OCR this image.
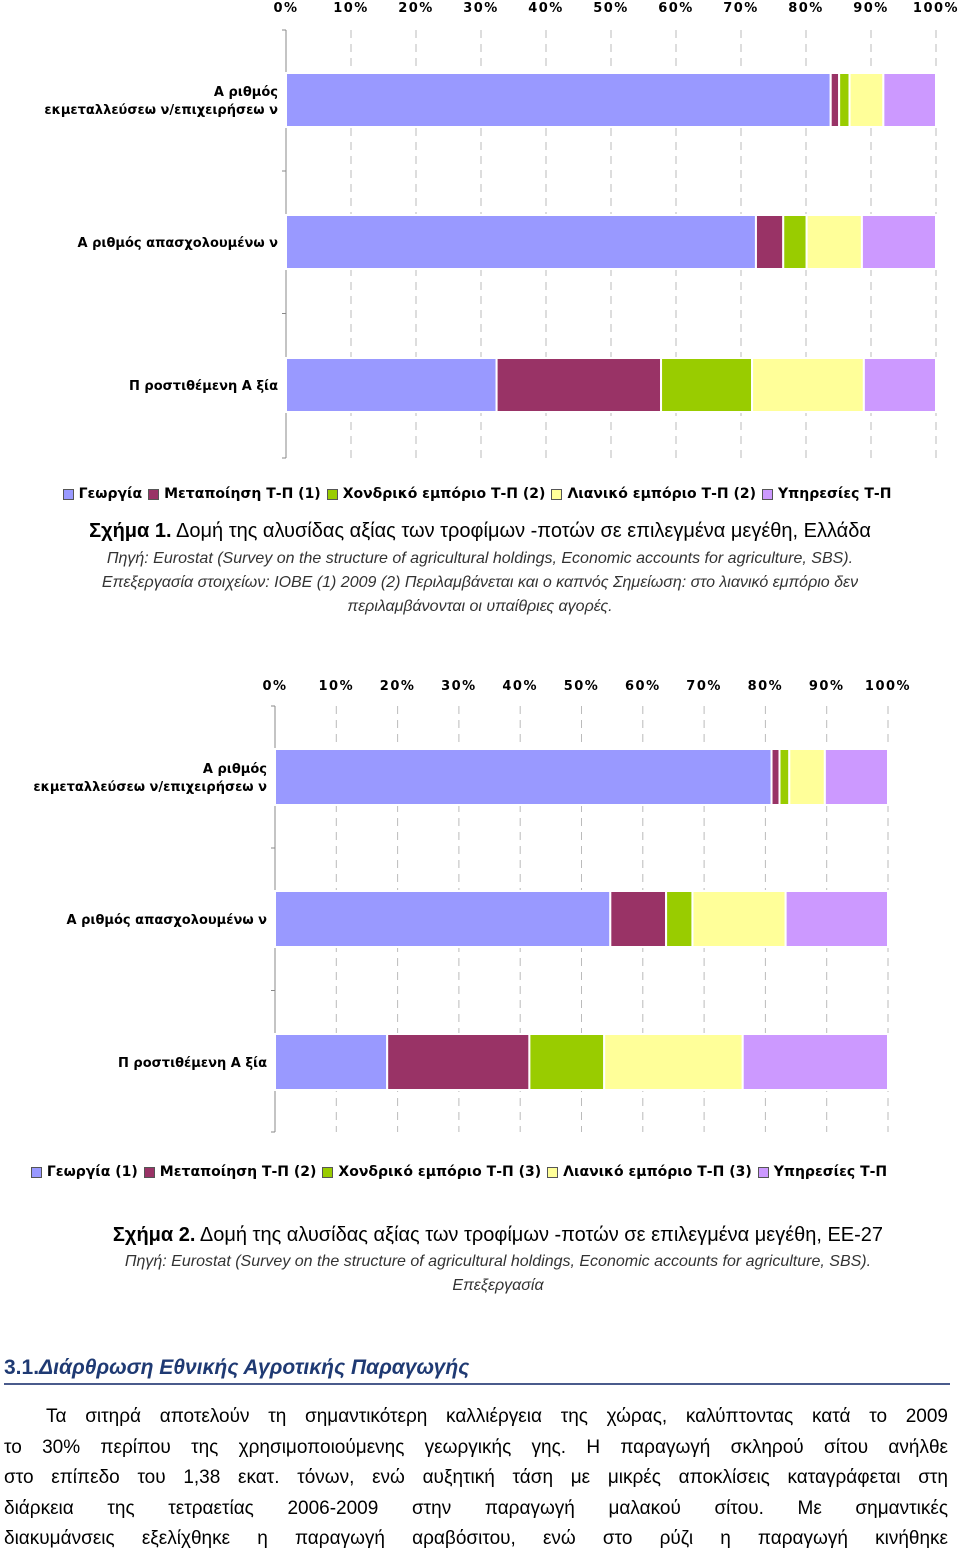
0%	10% 20% 30% 40% 50% 60% 70% 80% 90% 100%
Α ριθμός
εκμεταλλεύσεω ν/επιχειρήσεω ν
Α ριθμός απασχολουμένω ν
Π ροστιθέμενη Α ξία
Γεωργία Μεταποίηση Τ-Π (1) Χονδρικό εμπόριο Τ-Π (2) Λιανικό εμπόριο Τ-Π (2) Υπηρεσίες Τ-Π
Σχήμα 1. Δομή της αλυσίδας αξίας των τροφίμων -ποτών σε επιλεγμένα μεγέθη, Ελλάδα
Πηγή: Eurostat (Survey on the structure of agricultural holdings, Economic accounts for agriculture, SBS).
Επεξεργασία στοιχείων: ΙΟΒΕ (1) 2009 (2) Περιλαμβάνεται και ο καπνός Σημείωση: στο λιανικό εμπόριο δεν
περιλαμβάνονται οι υπαίθριες αγορές.
0% 10% 20% 30% 40% 50% 60% 70% 80% 90% 100%
Α ριθμός
εκμεταλλεύσεω ν/επιχειρήσεω ν
Α ριθμός απασχολουμένω ν
Π ροστιθέμενη Α ξία
Γεωργία (1) Μεταποίηση Τ-Π (2) Χονδρικό εμπόριο Τ-Π (3) Λιανικό εμπόριο Τ-Π (3) Υπηρεσίες Τ-Π
Σχήμα 2. Δομή της αλυσίδας αξίας των τροφίμων -ποτών σε επιλεγμένα μεγέθη, ΕΕ-27
Πηγή: Eurostat (Survey on the structure of agricultural holdings, Economic accounts for agriculture, SBS).
Επεξεργασία
3.1.Διάρθρωση Εθνικής Αγροτικής Παραγωγής
Τα σιτηρά αποτελούν τη σημαντικότερη καλλιέργεια της χώρας, καλύπτοντας κατά το 2009
το 30% περίπου της χρησιμοποιούμενης γεωργικής γης. Η παραγωγή σκληρού σίτου ανήλθε
στο επίπεδο του 1,38 εκατ. τόνων, ενώ αυξητική τάση με μικρές αποκλίσεις καταγράφεται στη
διάρκεια της τετραετίας 2006-2009 στην παραγωγή μαλακού σίτου. Με σημαντικές
διακυμάνσεις εξελίχθηκε η παραγωγή αραβόσιτου, ενώ στο ρύζι η παραγωγή κινήθηκε
